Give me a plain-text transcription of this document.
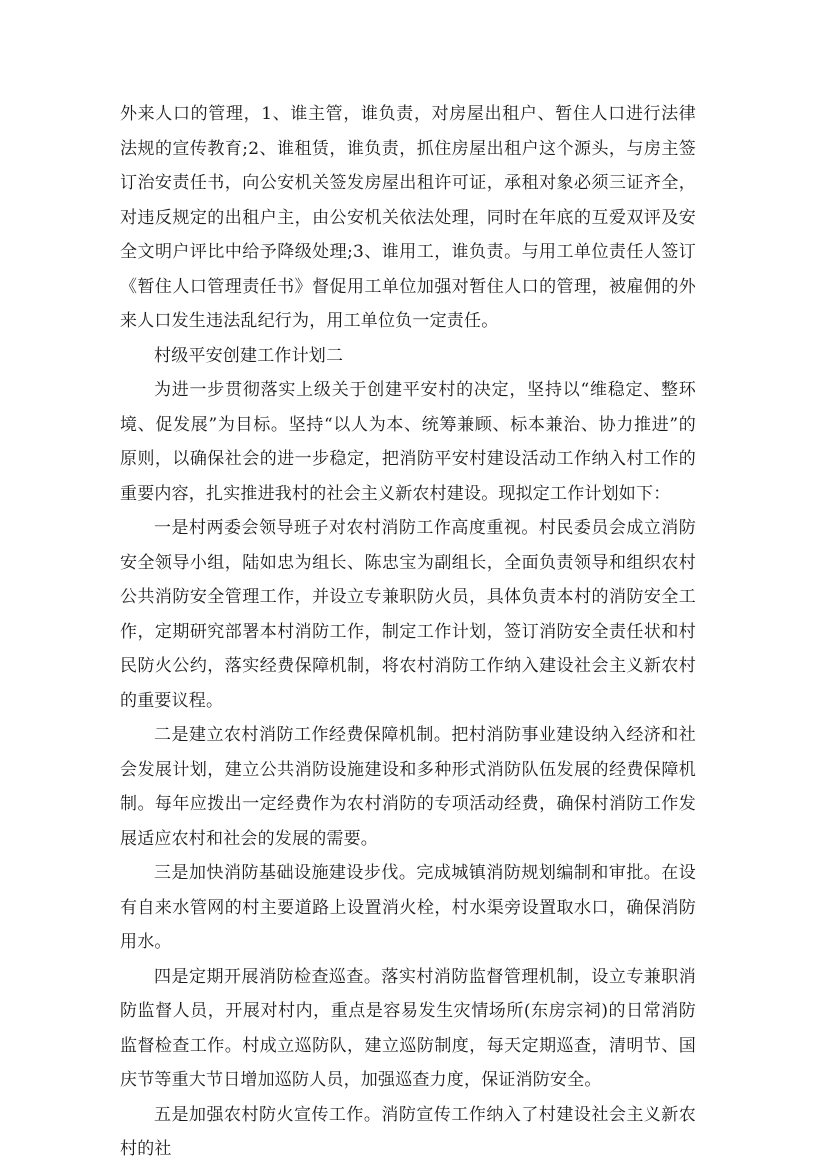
外来人口的管理，1、谁主管，谁负责，对房屋出租户、暂住人口进行法律法规的宣传教育;2、谁租赁，谁负责，抓住房屋出租户这个源头，与房主签订治安责任书，向公安机关签发房屋出租许可证，承租对象必须三证齐全，对违反规定的出租户主，由公安机关依法处理，同时在年底的互爱双评及安全文明户评比中给予降级处理;3、谁用工，谁负责。与用工单位责任人签订《暂住人口管理责任书》督促用工单位加强对暂住人口的管理，被雇佣的外来人口发生违法乱纪行为，用工单位负一定责任。

村级平安创建工作计划二

为进一步贯彻落实上级关于创建平安村的决定，坚持以“维稳定、整环境、促发展”为目标。坚持“以人为本、统筹兼顾、标本兼治、协力推进”的原则，以确保社会的进一步稳定，把消防平安村建设活动工作纳入村工作的重要内容，扎实推进我村的社会主义新农村建设。现拟定工作计划如下：

一是村两委会领导班子对农村消防工作高度重视。村民委员会成立消防安全领导小组，陆如忠为组长、陈忠宝为副组长，全面负责领导和组织农村公共消防安全管理工作，并设立专兼职防火员，具体负责本村的消防安全工作，定期研究部署本村消防工作，制定工作计划，签订消防安全责任状和村民防火公约，落实经费保障机制，将农村消防工作纳入建设社会主义新农村的重要议程。

二是建立农村消防工作经费保障机制。把村消防事业建设纳入经济和社会发展计划，建立公共消防设施建设和多种形式消防队伍发展的经费保障机制。每年应拨出一定经费作为农村消防的专项活动经费，确保村消防工作发展适应农村和社会的发展的需要。

三是加快消防基础设施建设步伐。完成城镇消防规划编制和审批。在设有自来水管网的村主要道路上设置消火栓，村水渠旁设置取水口，确保消防用水。

四是定期开展消防检查巡查。落实村消防监督管理机制，设立专兼职消防监督人员，开展对村内，重点是容易发生灾情场所(东房宗祠)的日常消防监督检查工作。村成立巡防队，建立巡防制度，每天定期巡查，清明节、国庆节等重大节日增加巡防人员，加强巡查力度，保证消防安全。

五是加强农村防火宣传工作。消防宣传工作纳入了村建设社会主义新农村的社
